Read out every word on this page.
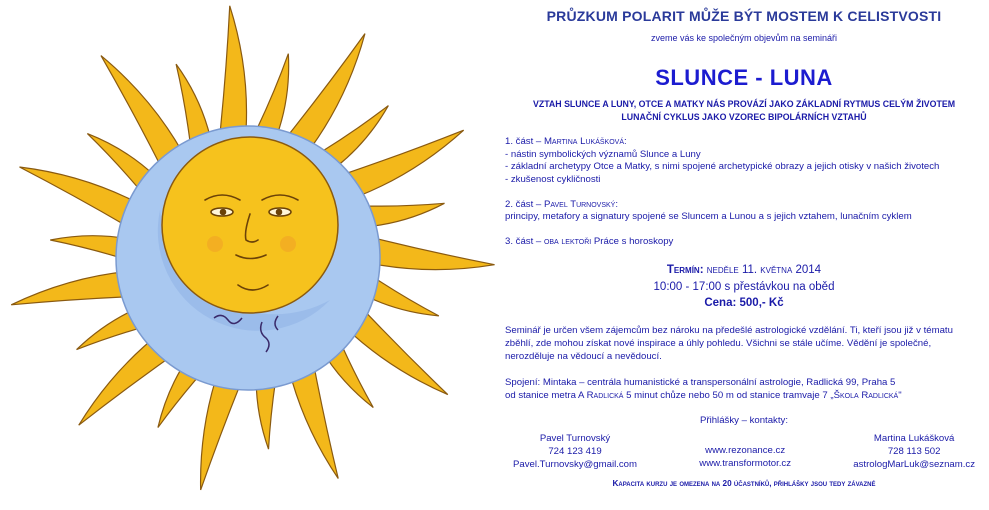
PRŮZKUM POLARIT MŮŽE BÝT MOSTEM K CELISTVOSTI
zveme vás ke společným objevům na semináři
SLUNCE - LUNA
VZTAH SLUNCE A LUNY, OTCE A MATKY NÁS PROVÁZÍ JAKO ZÁKLADNÍ RYTMUS CELÝM ŽIVOTEM
LUNAČNÍ CYKLUS JAKO VZOREC BIPOLÁRNÍCH VZTAHŮ
1. část – Martina Lukášková:
- nástin symbolických významů Slunce a Luny
- základní archetypy Otce a Matky, s nimi spojené archetypické obrazy a jejich otisky v našich životech
- zkušenost cykličnosti
2. část – Pavel Turnovský:
principy, metafory a signatury spojené se Sluncem a Lunou a s jejich vztahem, lunačním cyklem
3. část – oba lektoři Práce s horoskopy
Termín: neděle 11. května 2014
10:00 - 17:00 s přestávkou na oběd
Cena: 500,- Kč
Seminář je určen všem zájemcům bez nároku na předešlé astrologické vzdělání. Ti, kteří jsou již v tématu zběhlí, zde mohou získat nové inspirace a úhly pohledu. Všichni se stále učíme. Vědění je společné, nerozděluje na vědoucí a nevědoucí.
Spojení: Mintaka – centrála humanistické a transpersonální astrologie, Radlická 99, Praha 5
od stanice metra A Radlická 5 minut chůze nebo 50 m od stanice tramvaje 7 „Škola Radlická"
Přihlášky – kontakty:
Pavel Turnovský
724 123 419
Pavel.Turnovsky@gmail.com
www.rezonance.cz
www.transformotor.cz
Martina Lukášková
728 113 502
astrologMarLuk@seznam.cz
Kapacita kurzu je omezena na 20 účastníků, přihlášky jsou tedy závazné
